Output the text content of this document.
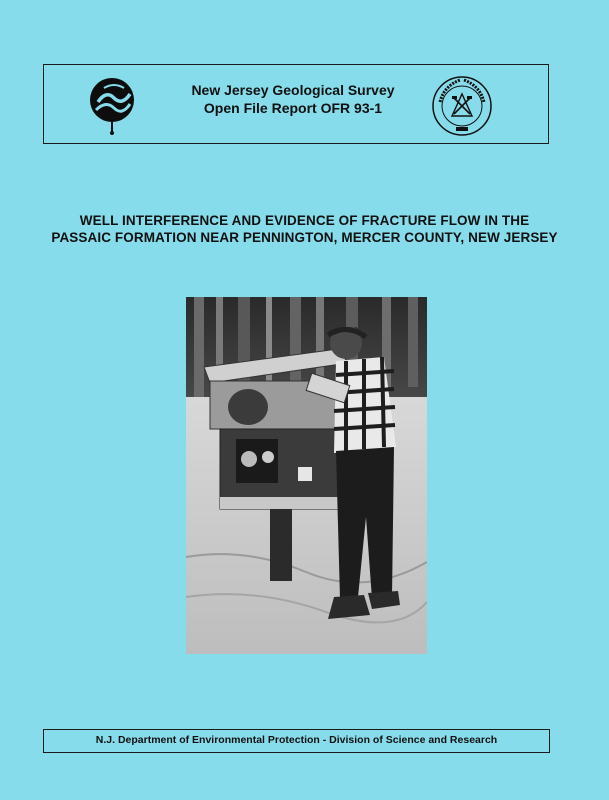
New Jersey Geological Survey
Open File Report OFR 93-1
WELL INTERFERENCE AND EVIDENCE OF FRACTURE FLOW IN THE
PASSAIC FORMATION NEAR PENNINGTON, MERCER COUNTY, NEW JERSEY
N.J. Department of Environmental Protection - Division of Science and Research
